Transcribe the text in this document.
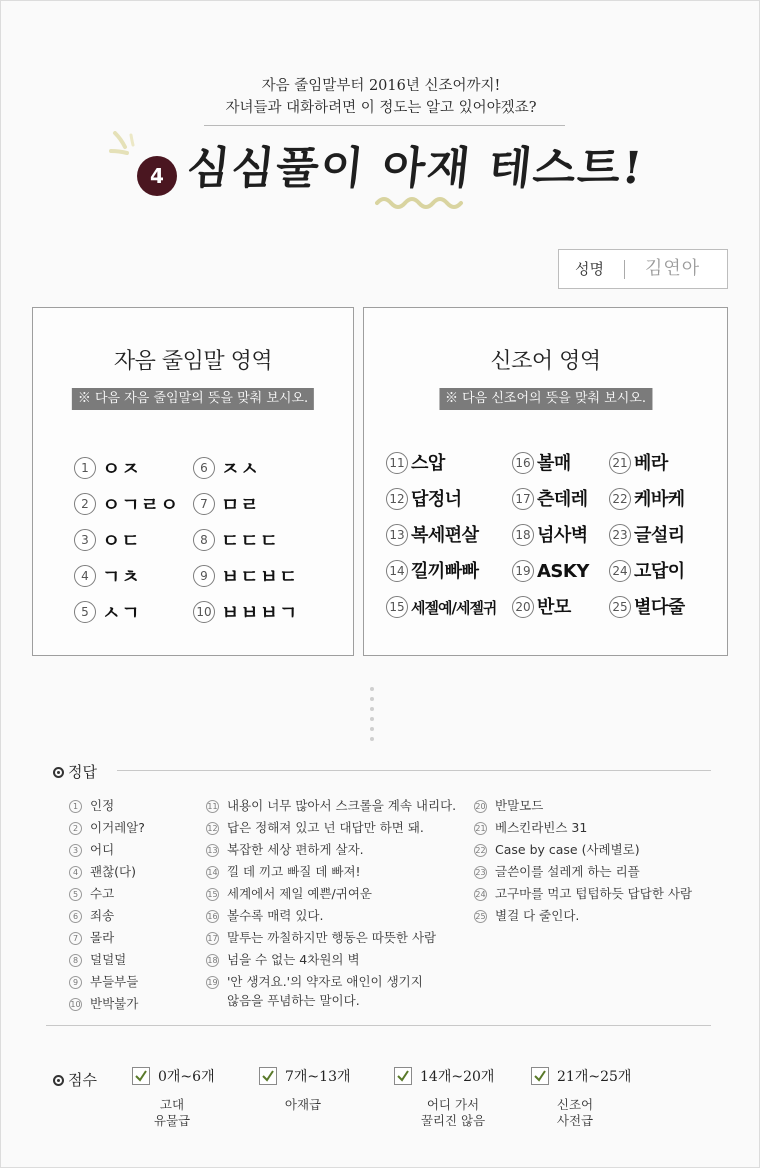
자음 줄임말부터 2016년 신조어까지!
자녀들과 대화하려면 이 정도는 알고 있어야겠죠?
4 심심풀이 아재 테스트!
성명 김연아
자음 줄임말 영역
※ 다음 자음 줄임말의 뜻을 맞춰 보시오.
1 ㅇㅈ
2 ㅇㄱㄹㅇ
3 ㅇㄷ
4 ㄱㅊ
5 ㅅㄱ
6 ㅈㅅ
7 ㅁㄹ
8 ㄷㄷㄷ
9 ㅂㄷㅂㄷ
10 ㅂㅂㅂㄱ
신조어 영역
※ 다음 신조어의 뜻을 맞춰 보시오.
11 스압
12 답정너
13 복세편살
14 낄끼빠빠
15 세젤예/세젤귀
16 볼매
17 츤데레
18 넘사벽
19 ASKY
20 반모
21 베라
22 케바케
23 글설리
24 고답이
25 별다줄
정답
1 인정
2 이거레알?
3 어디
4 괜찮(다)
5 수고
6 죄송
7 몰라
8 덜덜덜
9 부들부들
10 반박불가
11 내용이 너무 많아서 스크롤을 계속 내리다.
12 답은 정해져 있고 넌 대답만 하면 돼.
13 복잡한 세상 편하게 살자.
14 낄 데 끼고 빠질 데 빠져!
15 세계에서 제일 예쁜/귀여운
16 볼수록 매력 있다.
17 말투는 까칠하지만 행동은 따뜻한 사람
18 넘을 수 없는 4차원의 벽
19 '안 생겨요.'의 약자로 애인이 생기지
않음을 푸념하는 말이다.
20 반말모드
21 베스킨라빈스 31
22 Case by case (사례별로)
23 글쓴이를 설레게 하는 리플
24 고구마를 먹고 텁텁하듯 답답한 사람
25 별걸 다 줄인다.
점수	0개~6개
고대
유물급
7개~13개
아재급
14개~20개
어디 가서
꿀리진 않음
21개~25개
신조어
사전급
